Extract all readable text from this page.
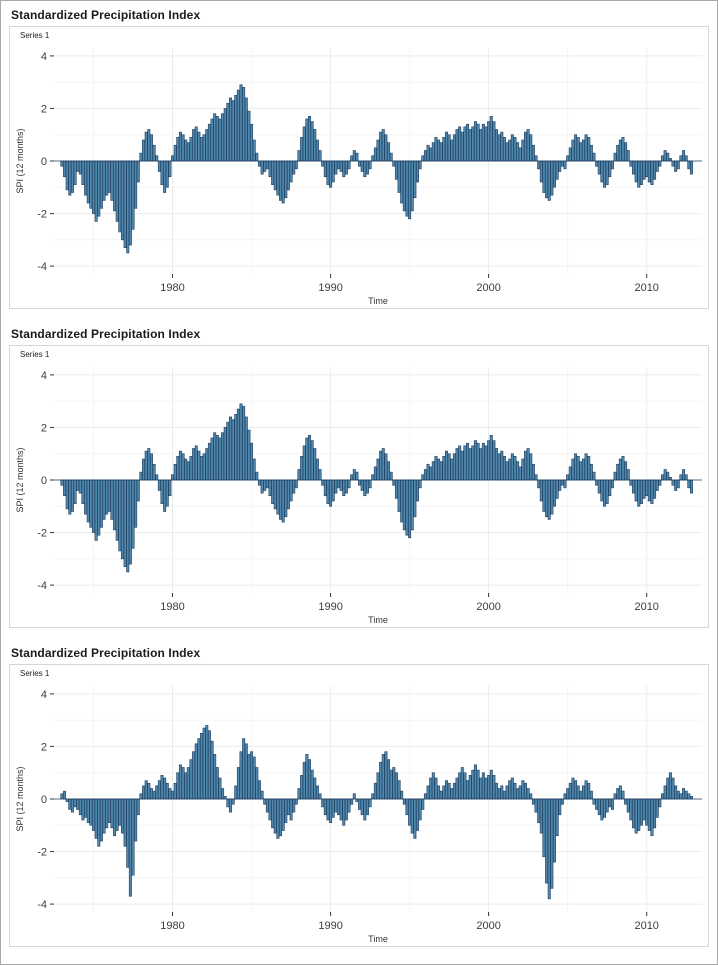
Standardized Precipitation Index
Series 1
1980	1990	2000	2010
Time
-4
-2
0
2
4
SPI (12 months)
Standardized Precipitation Index
Series 1
1980	1990	2000	2010
Time
-4
-2
0
2
4
SPI (12 months)
Standardized Precipitation Index
Series 1
1980	1990	2000	2010
Time
-4
-2
0
2
4
SPI (12 months)
